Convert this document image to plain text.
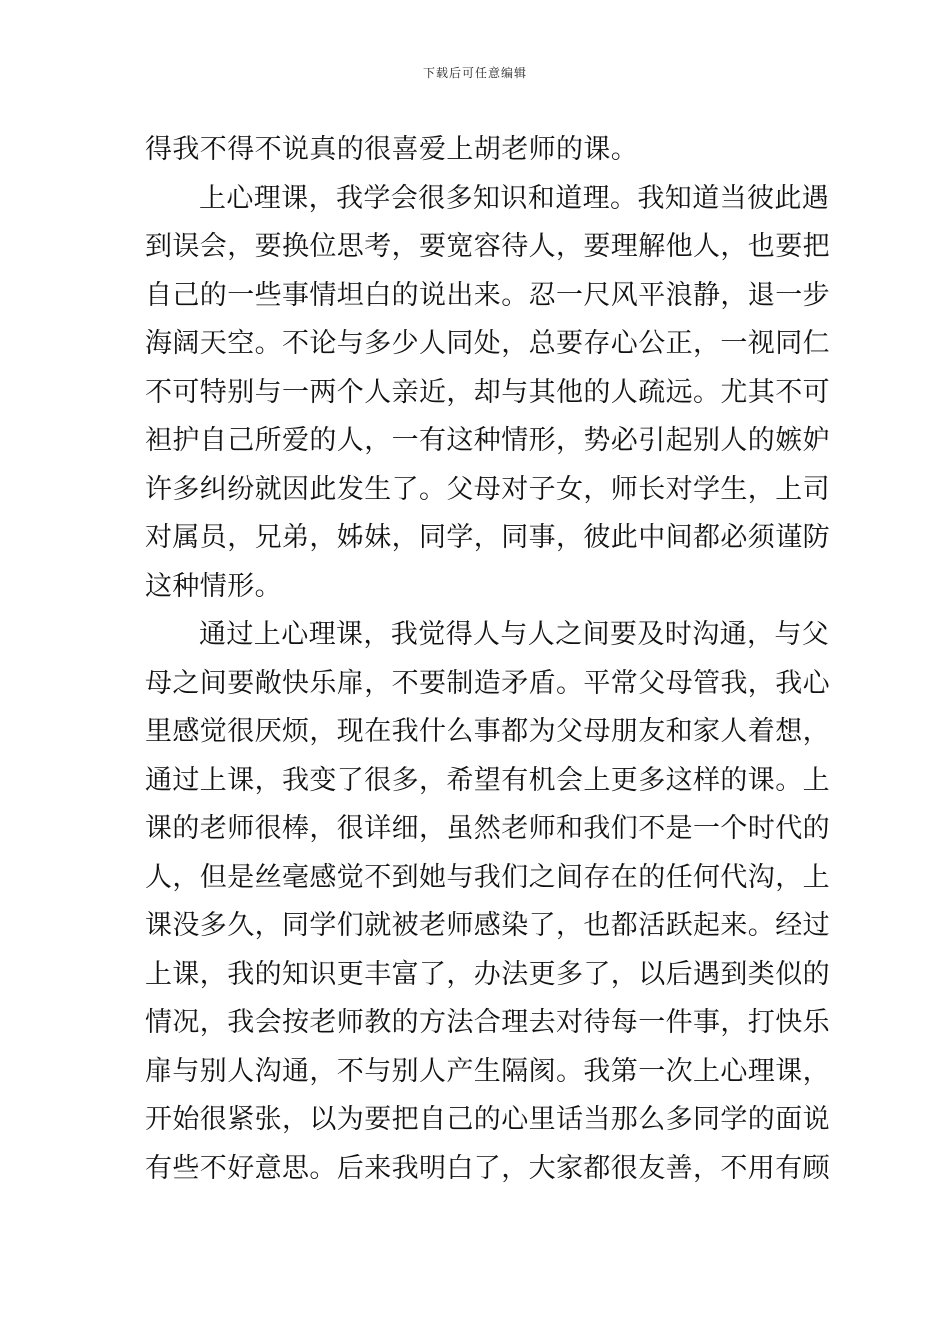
下载后可任意编辑
得我不得不说真的很喜爱上胡老师的课。
上心理课，我学会很多知识和道理。我知道当彼此遇
到误会，要换位思考，要宽容待人，要理解他人，也要把
自己的一些事情坦白的说出来。忍一尺风平浪静，退一步
海阔天空。不论与多少人同处，总要存心公正，一视同仁
不可特别与一两个人亲近，却与其他的人疏远。尤其不可
袒护自己所爱的人，一有这种情形，势必引起别人的嫉妒
许多纠纷就因此发生了。父母对子女，师长对学生，上司
对属员，兄弟，姊妹，同学，同事，彼此中间都必须谨防
这种情形。
通过上心理课，我觉得人与人之间要及时沟通，与父
母之间要敞快乐扉，不要制造矛盾。平常父母管我，我心
里感觉很厌烦，现在我什么事都为父母朋友和家人着想，
通过上课，我变了很多，希望有机会上更多这样的课。上
课的老师很棒，很详细，虽然老师和我们不是一个时代的
人，但是丝毫感觉不到她与我们之间存在的任何代沟，上
课没多久，同学们就被老师感染了，也都活跃起来。经过
上课，我的知识更丰富了，办法更多了，以后遇到类似的
情况，我会按老师教的方法合理去对待每一件事，打快乐
扉与别人沟通，不与别人产生隔阂。我第一次上心理课，
开始很紧张，以为要把自己的心里话当那么多同学的面说
有些不好意思。后来我明白了，大家都很友善，不用有顾
